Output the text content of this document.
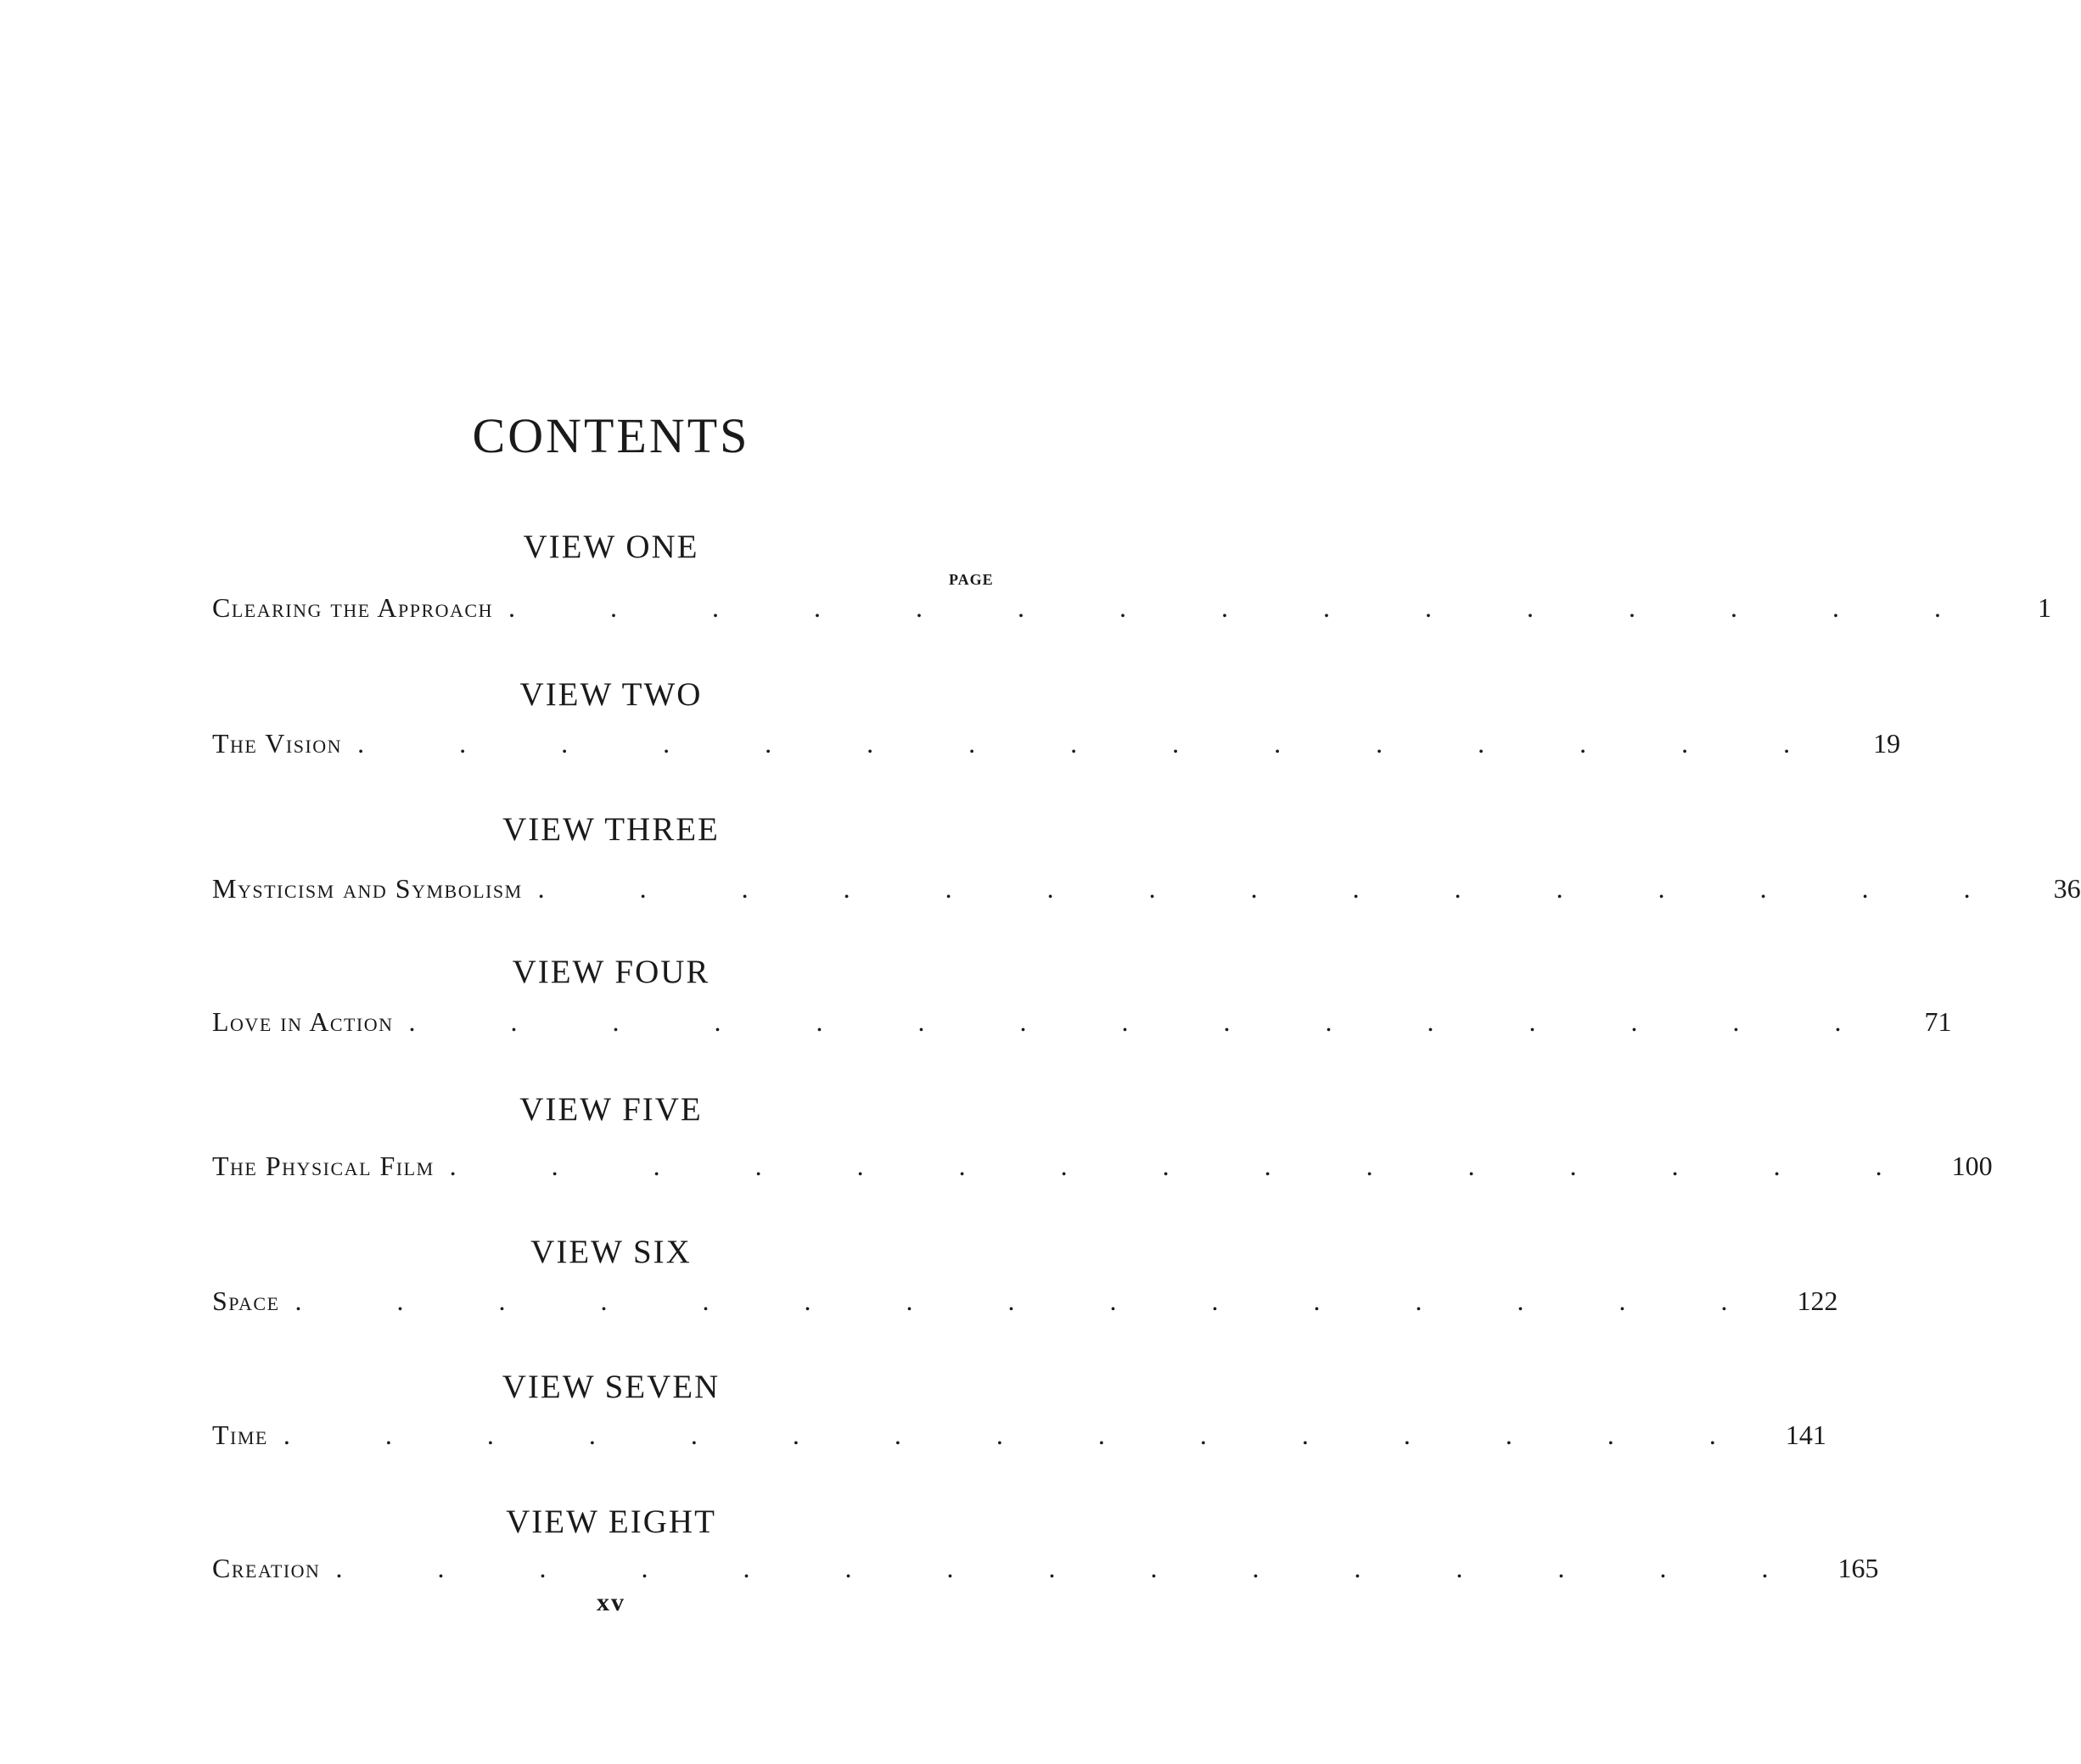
CONTENTS
PAGE
VIEW ONE
Clearing the Approach . . . . . . . . . . . . . . .	1
VIEW TWO
The Vision . . . . . . . . . . . . . . .	19
VIEW THREE
Mysticism and Symbolism . . . . . . . . . . . . . . .	36
VIEW FOUR
Love in Action . . . . . . . . . . . . . . .	71
VIEW FIVE
The Physical Film . . . . . . . . . . . . . . . 100
VIEW SIX
Space . . . . . . . . . . . . . . . 122
VIEW SEVEN
Time . . . . . . . . . . . . . . . 141
VIEW EIGHT
Creation . . . . . . . . . . . . . . . 165
xv
